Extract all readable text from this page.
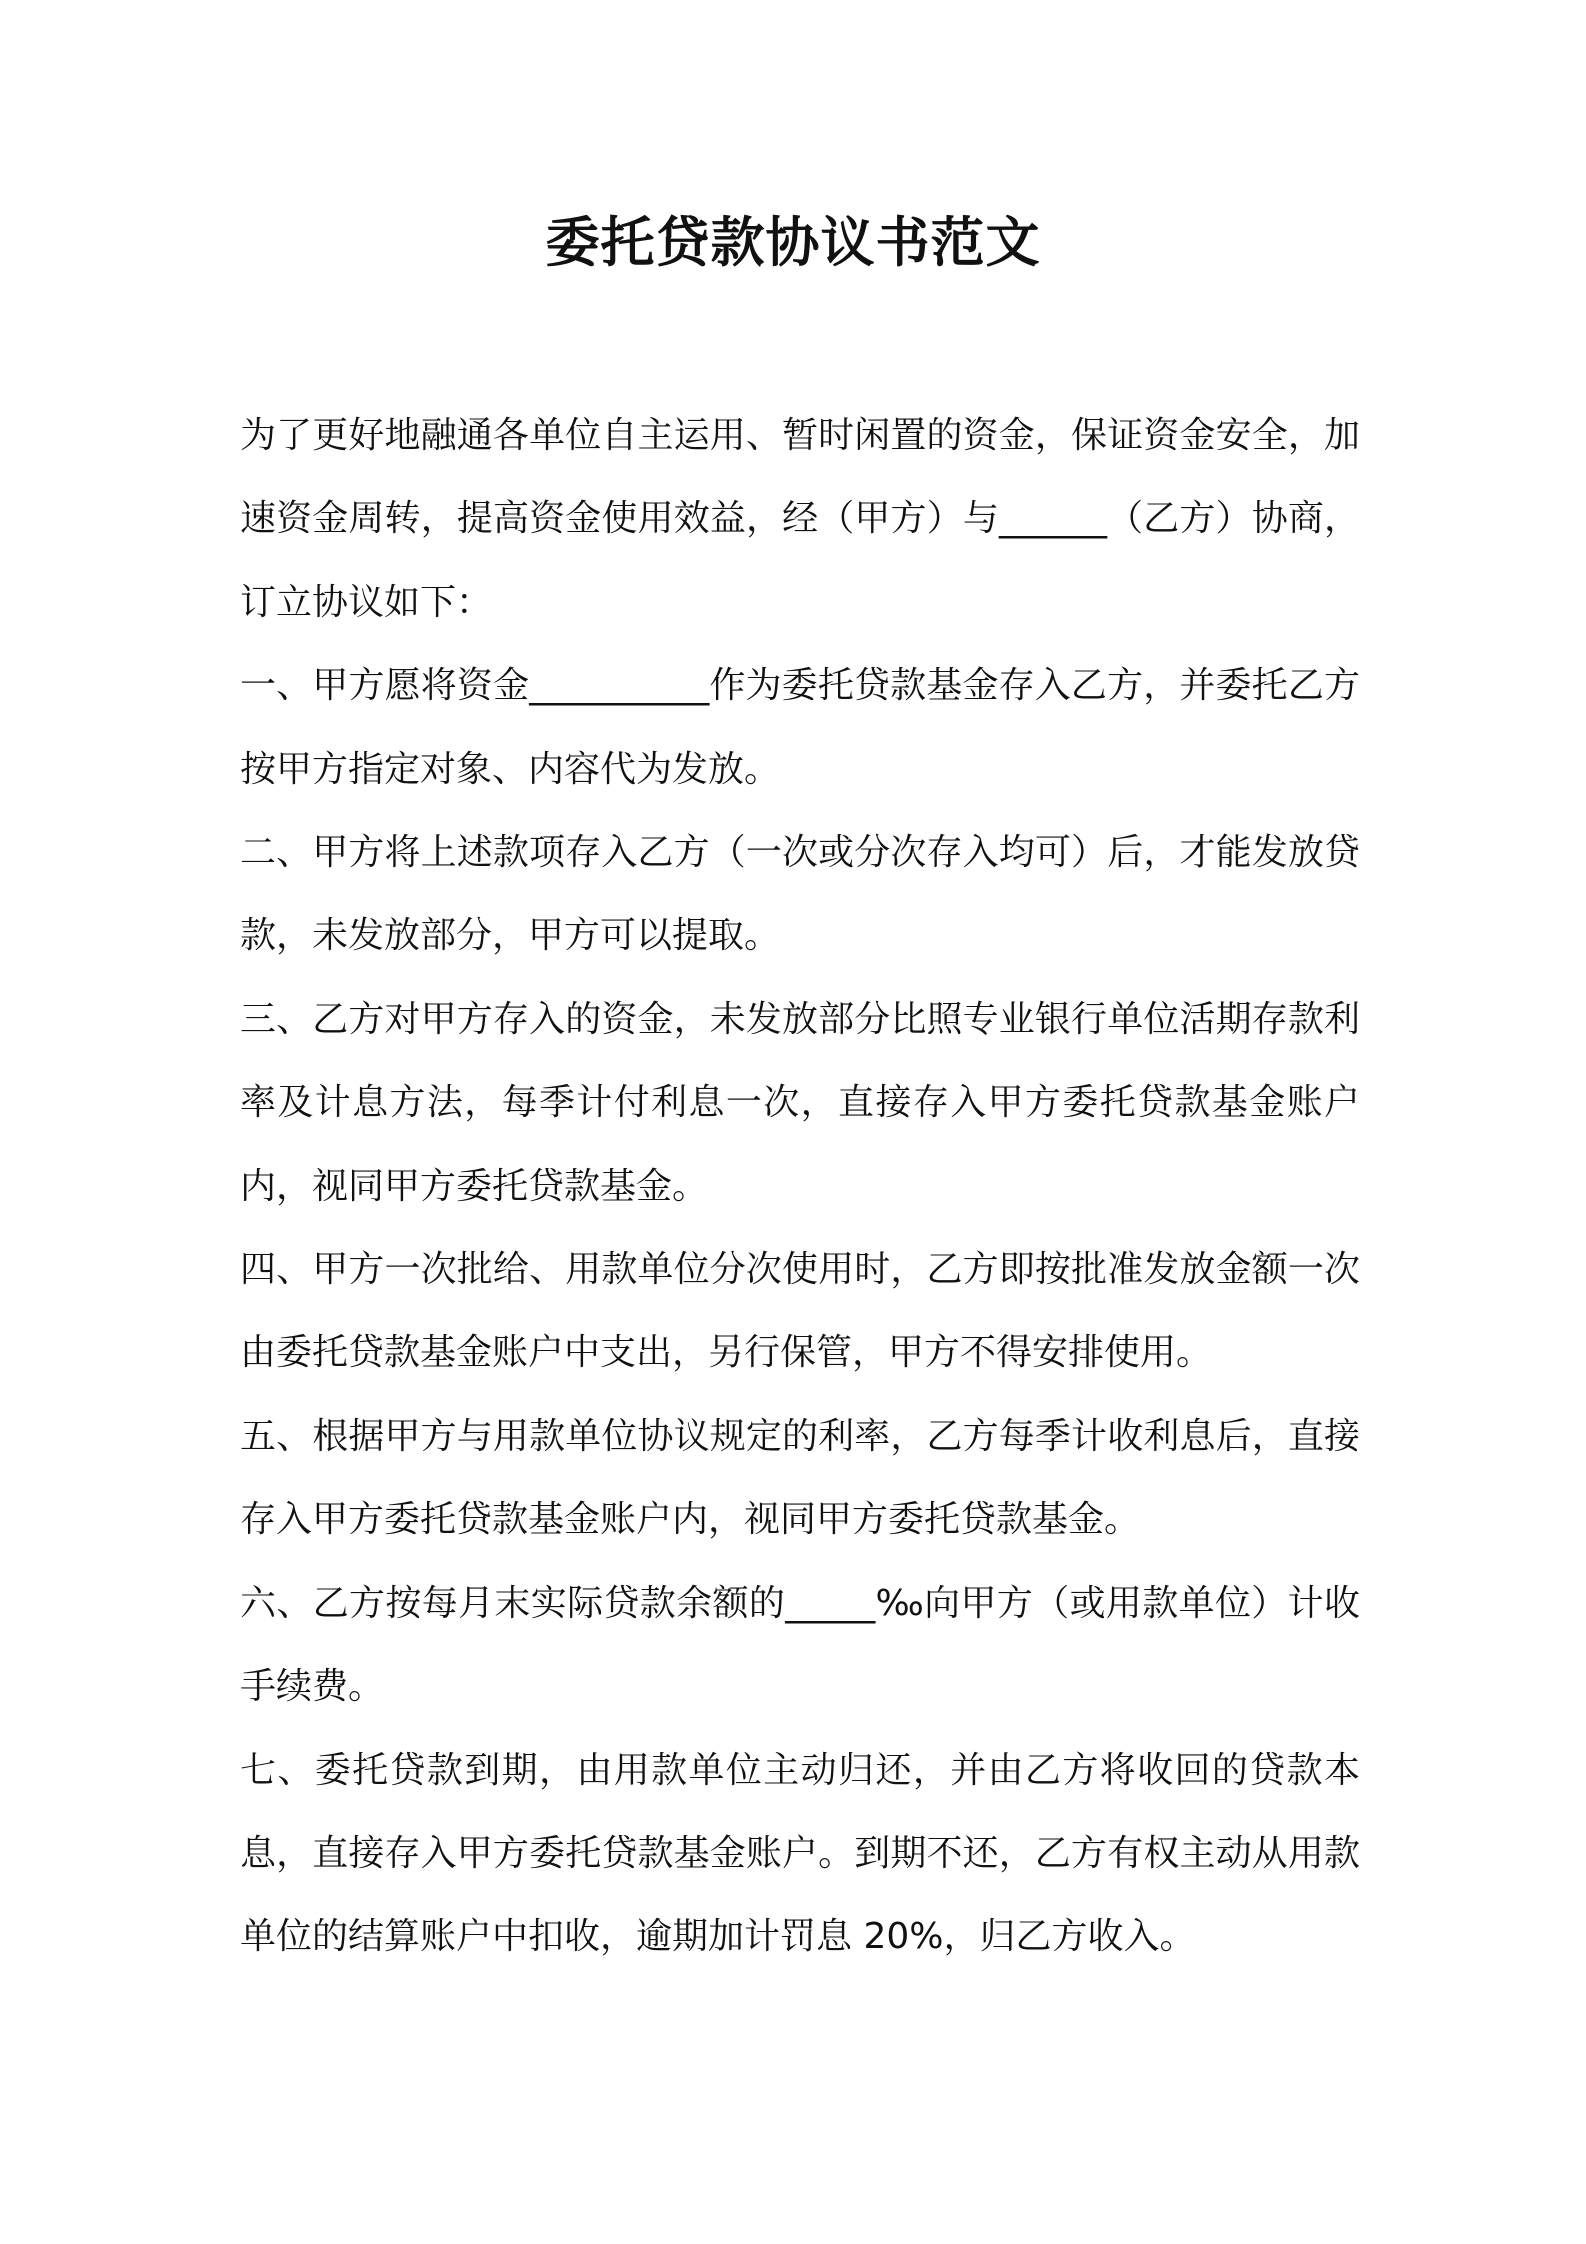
委托贷款协议书范文

为了更好地融通各单位自主运用、暂时闲置的资金，保证资金安全，加速资金周转，提高资金使用效益，经（甲方）与______（乙方）协商，订立协议如下：

一、甲方愿将资金__________作为委托贷款基金存入乙方，并委托乙方按甲方指定对象、内容代为发放。

二、甲方将上述款项存入乙方（一次或分次存入均可）后，才能发放贷款，未发放部分，甲方可以提取。

三、乙方对甲方存入的资金，未发放部分比照专业银行单位活期存款利率及计息方法，每季计付利息一次，直接存入甲方委托贷款基金账户内，视同甲方委托贷款基金。

四、甲方一次批给、用款单位分次使用时，乙方即按批准发放金额一次由委托贷款基金账户中支出，另行保管，甲方不得安排使用。

五、根据甲方与用款单位协议规定的利率，乙方每季计收利息后，直接存入甲方委托贷款基金账户内，视同甲方委托贷款基金。

六、乙方按每月末实际贷款余额的_____‰向甲方（或用款单位）计收手续费。

七、委托贷款到期，由用款单位主动归还，并由乙方将收回的贷款本息，直接存入甲方委托贷款基金账户。到期不还，乙方有权主动从用款单位的结算账户中扣收，逾期加计罚息 20%，归乙方收入。
